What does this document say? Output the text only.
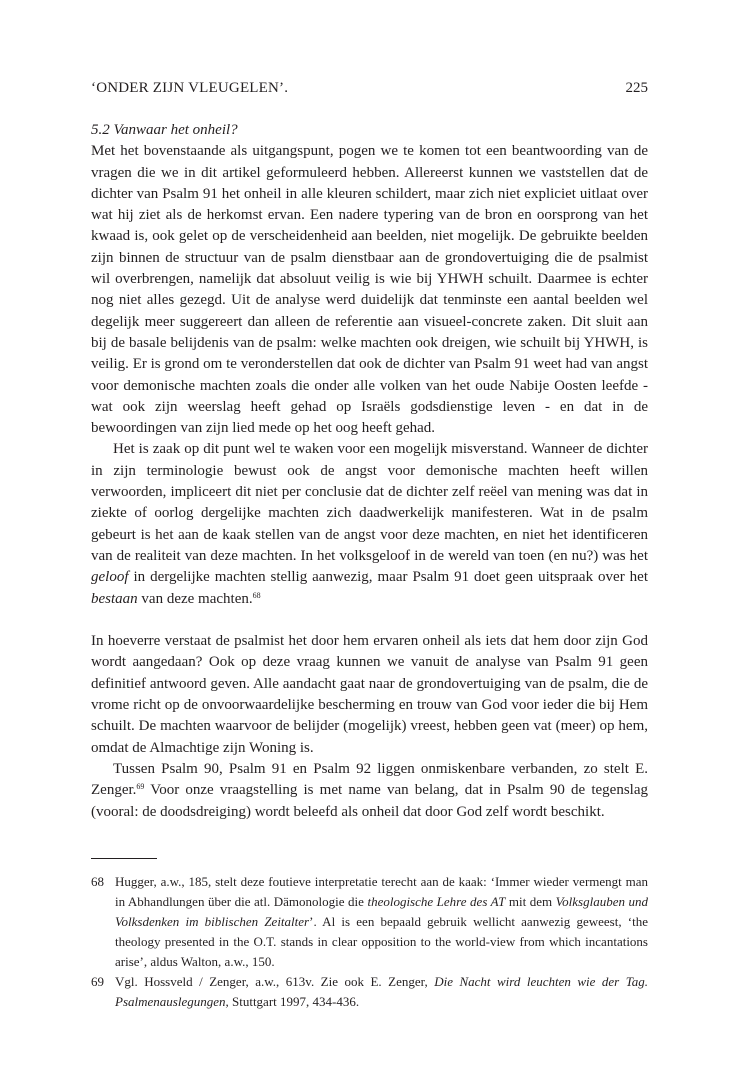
‘ONDER ZIJN VLEUGELEN’.	225

5.2 Vanwaar het onheil?

Met het bovenstaande als uitgangspunt, pogen we te komen tot een beantwoording van de vragen die we in dit artikel geformuleerd hebben. Allereerst kunnen we vaststellen dat de dichter van Psalm 91 het onheil in alle kleuren schildert, maar zich niet expliciet uitlaat over wat hij ziet als de herkomst ervan. Een nadere typering van de bron en oorsprong van het kwaad is, ook gelet op de verscheidenheid aan beelden, niet mogelijk. De gebruikte beelden zijn binnen de structuur van de psalm dienstbaar aan de grondovertuiging die de psalmist wil overbrengen, namelijk dat absoluut veilig is wie bij YHWH schuilt. Daarmee is echter nog niet alles gezegd. Uit de analyse werd duidelijk dat tenminste een aantal beelden wel degelijk meer suggereert dan alleen de referentie aan visueel-concrete zaken. Dit sluit aan bij de basale belijdenis van de psalm: welke machten ook dreigen, wie schuilt bij YHWH, is veilig. Er is grond om te veronderstellen dat ook de dichter van Psalm 91 weet had van angst voor demonische machten zoals die onder alle volken van het oude Nabije Oosten leefde - wat ook zijn weerslag heeft gehad op Israëls godsdienstige leven - en dat in de bewoordingen van zijn lied mede op het oog heeft gehad.

Het is zaak op dit punt wel te waken voor een mogelijk misverstand. Wanneer de dichter in zijn terminologie bewust ook de angst voor demonische machten heeft willen verwoorden, impliceert dit niet per conclusie dat de dichter zelf reëel van mening was dat in ziekte of oorlog dergelijke machten zich daadwerkelijk manifesteren. Wat in de psalm gebeurt is het aan de kaak stellen van de angst voor deze machten, en niet het identificeren van de realiteit van deze machten. In het volksgeloof in de wereld van toen (en nu?) was het geloof in dergelijke machten stellig aanwezig, maar Psalm 91 doet geen uitspraak over het bestaan van deze machten.$^{68}$

In hoeverre verstaat de psalmist het door hem ervaren onheil als iets dat hem door zijn God wordt aangedaan? Ook op deze vraag kunnen we vanuit de analyse van Psalm 91 geen definitief antwoord geven. Alle aandacht gaat naar de grondovertuiging van de psalm, die de vrome richt op de onvoorwaardelijke bescherming en trouw van God voor ieder die bij Hem schuilt. De machten waarvoor de belijder (mogelijk) vreest, hebben geen vat (meer) op hem, omdat de Almachtige zijn Woning is.

Tussen Psalm 90, Psalm 91 en Psalm 92 liggen onmiskenbare verbanden, zo stelt E. Zenger.$^{69}$ Voor onze vraagstelling is met name van belang, dat in Psalm 90 de tegenslag (vooral: de doodsdreiging) wordt beleefd als onheil dat door God zelf wordt beschikt.

68 Hugger, a.w., 185, stelt deze foutieve interpretatie terecht aan de kaak: ‘Immer wieder vermengt man in Abhandlungen über die atl. Dämonologie die theologische Lehre des AT mit dem Volksglauben und Volksdenken im biblischen Zeitalter’. Al is een bepaald gebruik wellicht aanwezig geweest, ‘the theology presented in the O.T. stands in clear opposition to the world-view from which incantations arise’, aldus Walton, a.w., 150.
69 Vgl. Hossveld / Zenger, a.w., 613v. Zie ook E. Zenger, Die Nacht wird leuchten wie der Tag. Psalmenauslegungen, Stuttgart 1997, 434-436.
